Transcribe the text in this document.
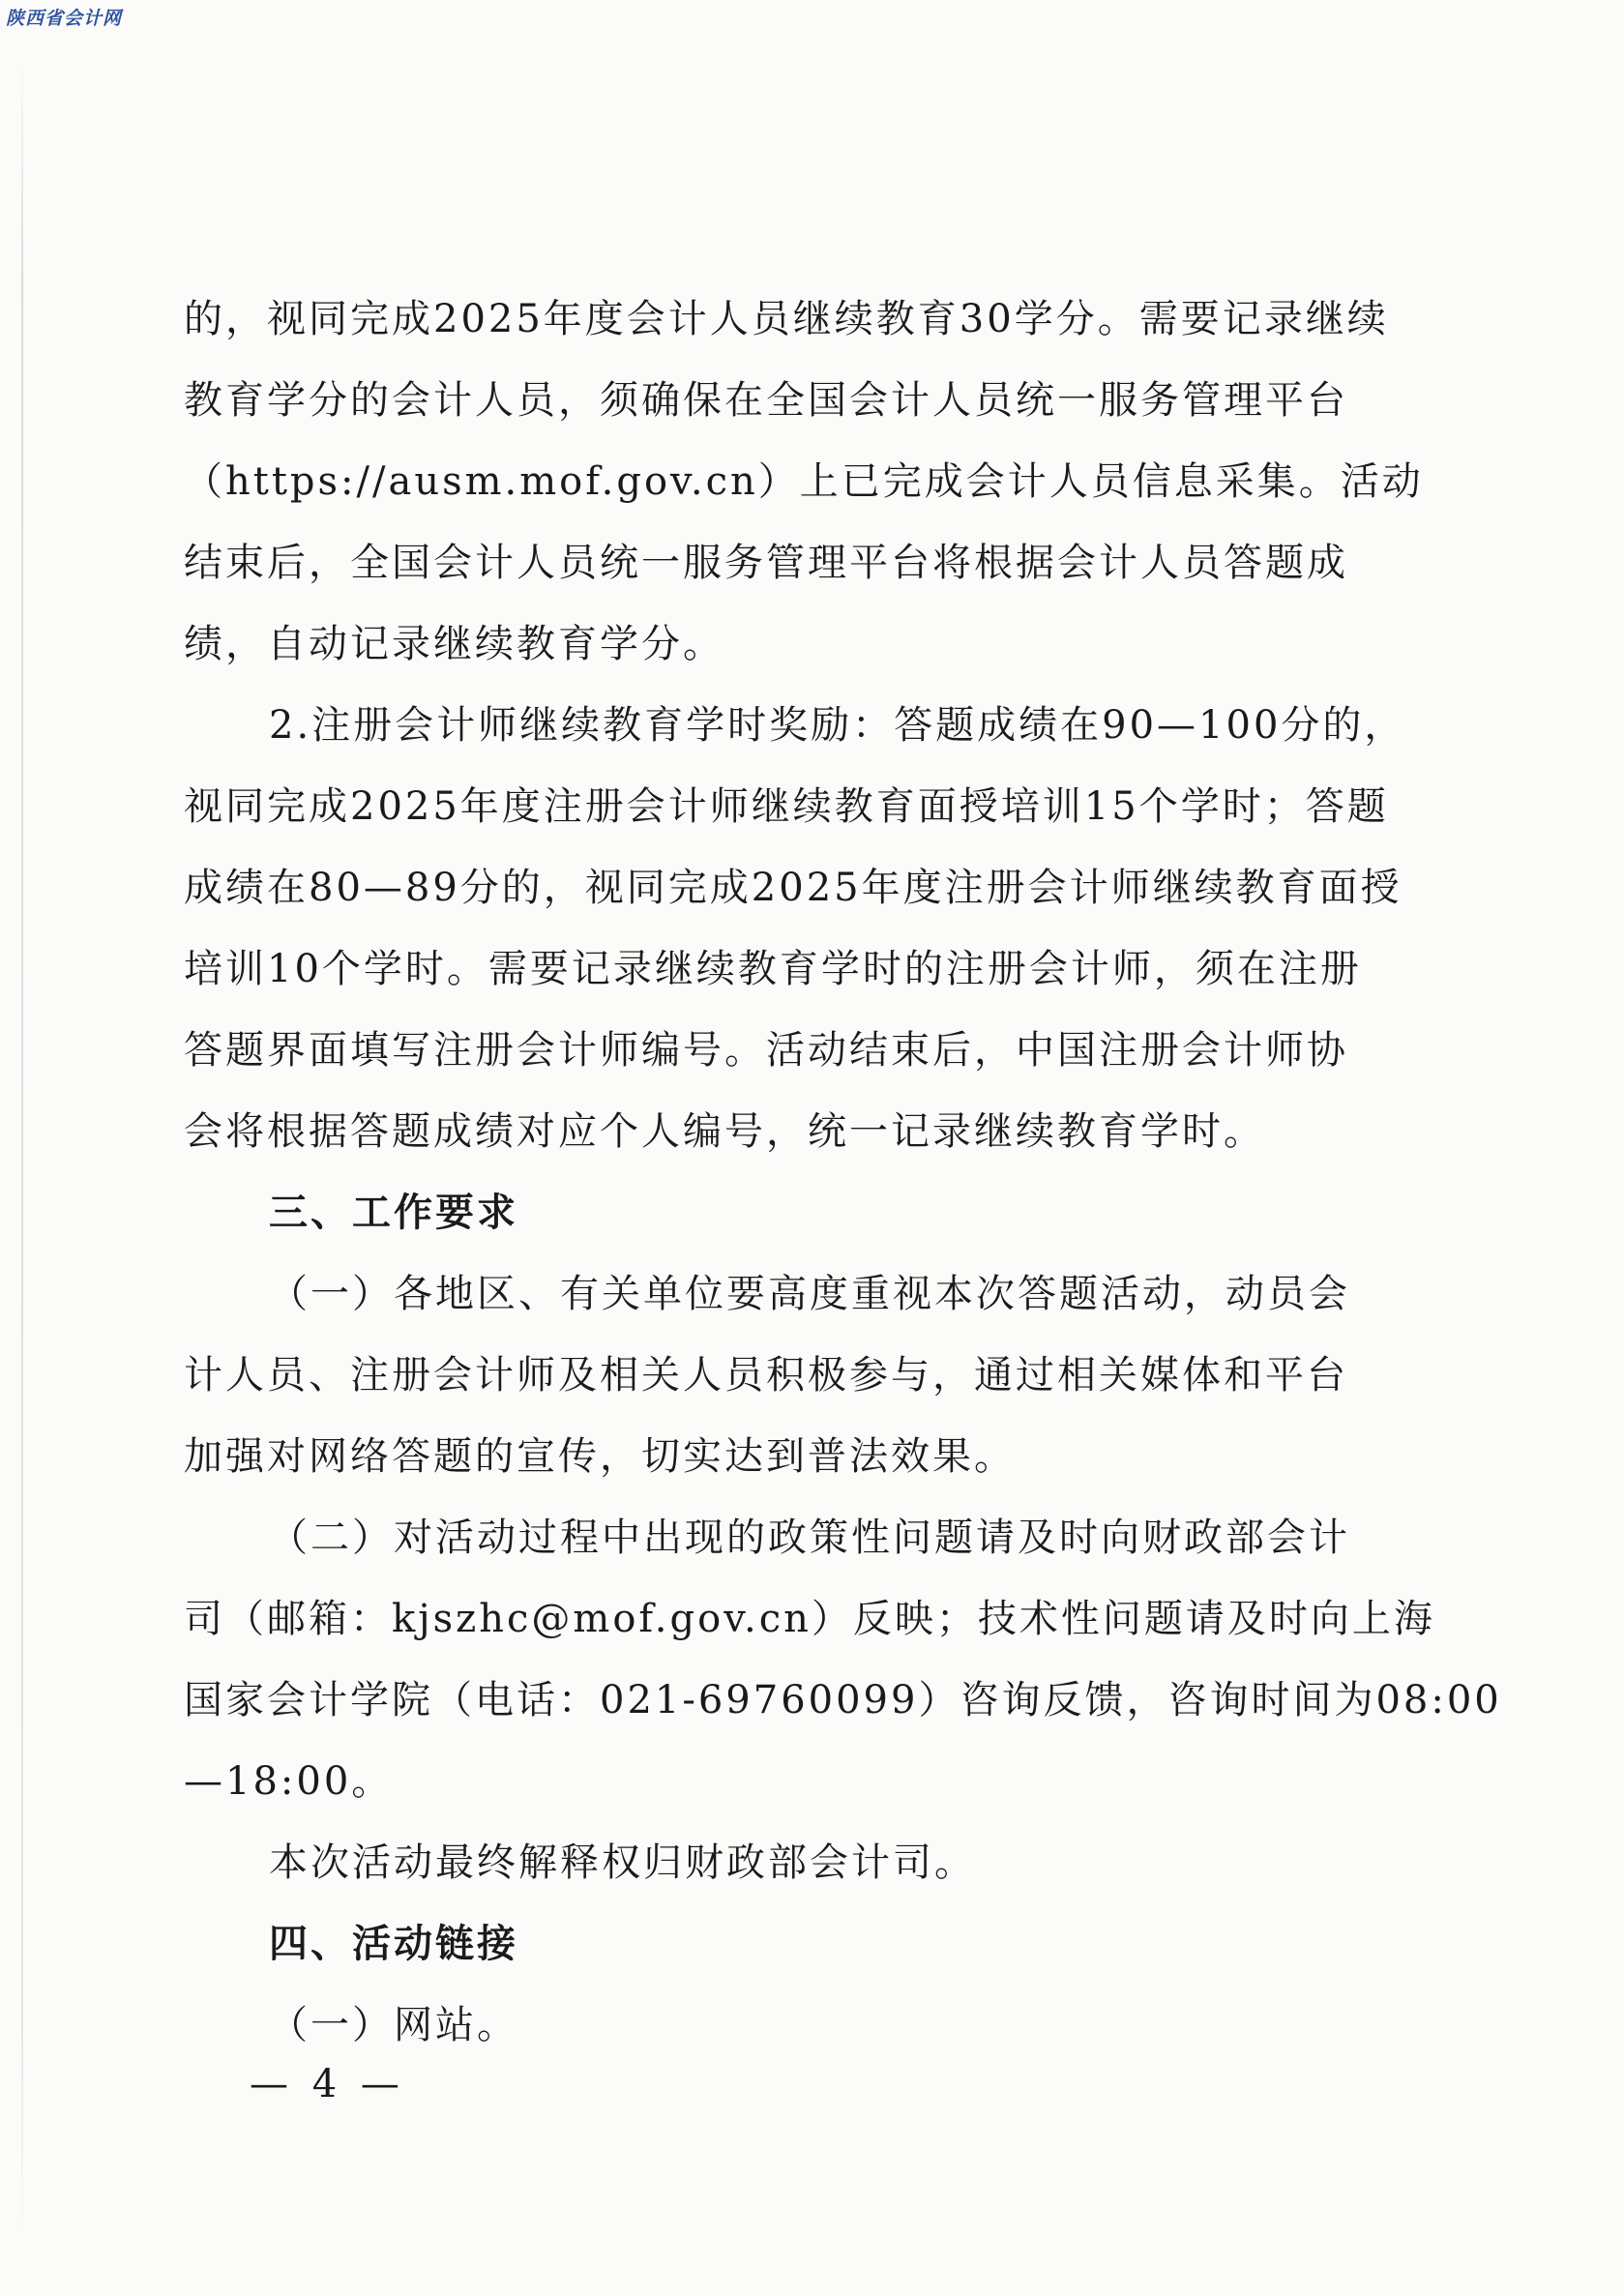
陕西省会计网
的，视同完成2025年度会计人员继续教育30学分。需要记录继续
教育学分的会计人员，须确保在全国会计人员统一服务管理平台
（https://ausm.mof.gov.cn）上已完成会计人员信息采集。活动
结束后，全国会计人员统一服务管理平台将根据会计人员答题成
绩，自动记录继续教育学分。
2.注册会计师继续教育学时奖励：答题成绩在90—100分的，
视同完成2025年度注册会计师继续教育面授培训15个学时；答题
成绩在80—89分的，视同完成2025年度注册会计师继续教育面授
培训10个学时。需要记录继续教育学时的注册会计师，须在注册
答题界面填写注册会计师编号。活动结束后，中国注册会计师协
会将根据答题成绩对应个人编号，统一记录继续教育学时。
三、工作要求
（一）各地区、有关单位要高度重视本次答题活动，动员会
计人员、注册会计师及相关人员积极参与，通过相关媒体和平台
加强对网络答题的宣传，切实达到普法效果。
（二）对活动过程中出现的政策性问题请及时向财政部会计
司（邮箱：kjszhc@mof.gov.cn）反映；技术性问题请及时向上海
国家会计学院（电话：021-69760099）咨询反馈，咨询时间为08:00
—18:00。
本次活动最终解释权归财政部会计司。
四、活动链接
（一）网站。
— 4 —
